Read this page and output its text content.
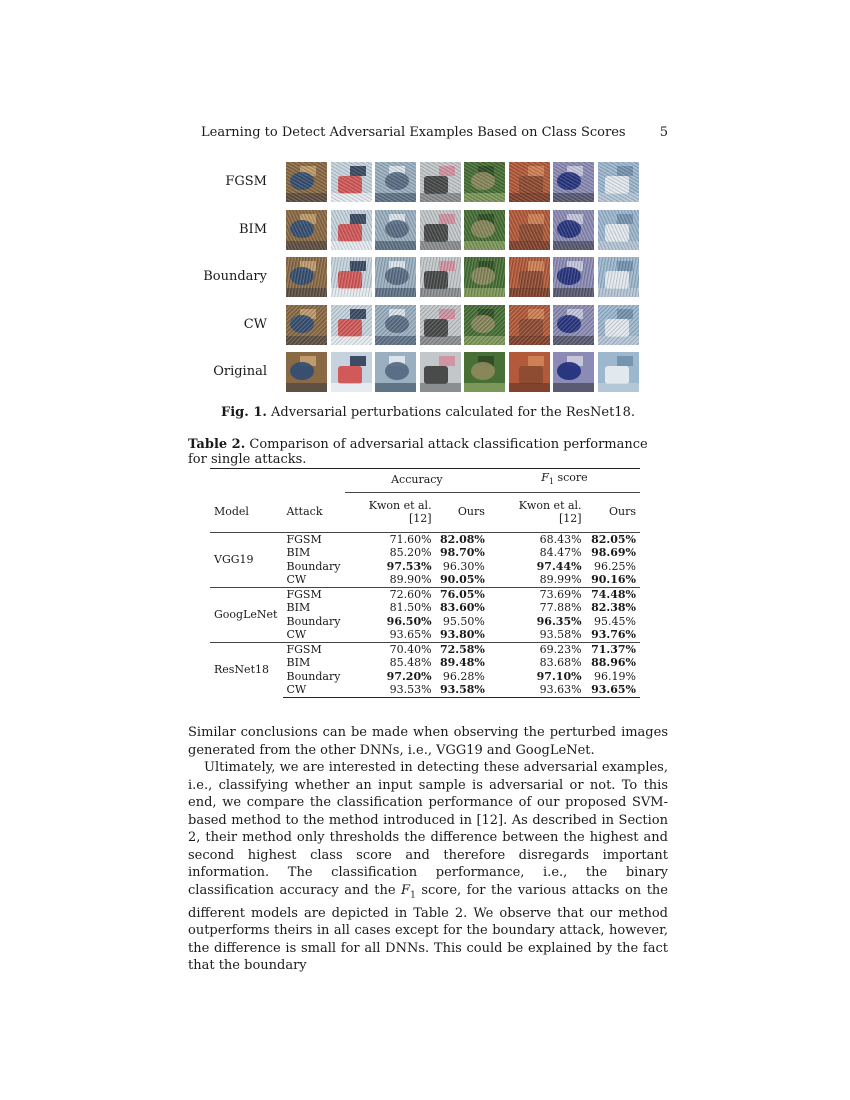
Learning to Detect Adversarial Examples Based on Class Scores	5
FGSM
BIM
Boundary
CW
Original
Fig. 1. Adversarial perturbations calculated for the ResNet18.
Table 2. Comparison of adversarial attack classification performance for single attacks.
		Accuracy		$F_1$ score	
Model	Attack	Kwon et al. [12]	Ours	Kwon et al. [12]	Ours
VGG19	FGSM	71.60%	82.08%	68.43%	82.05%
	BIM	85.20%	98.70%	84.47%	98.69%
	Boundary	97.53%	96.30%	97.44%	96.25%
	CW	89.90%	90.05%	89.99%	90.16%
GoogLeNet	FGSM	72.60%	76.05%	73.69%	74.48%
	BIM	81.50%	83.60%	77.88%	82.38%
	Boundary	96.50%	95.50%	96.35%	95.45%
	CW	93.65%	93.80%	93.58%	93.76%
ResNet18	FGSM	70.40%	72.58%	69.23%	71.37%
	BIM	85.48%	89.48%	83.68%	88.96%
	Boundary	97.20%	96.28%	97.10%	96.19%
	CW	93.53%	93.58%	93.63%	93.65%

Similar conclusions can be made when observing the perturbed images generated from the other DNNs, i.e., VGG19 and GoogLeNet.

Ultimately, we are interested in detecting these adversarial examples, i.e., classifying whether an input sample is adversarial or not. To this end, we compare the classification performance of our proposed SVM-based method to the method introduced in [12]. As described in Section 2, their method only thresholds the difference between the highest and second highest class score and therefore disregards important information. The classification performance, i.e., the binary classification accuracy and the $F_1$ score, for the various attacks on the different models are depicted in Table 2. We observe that our method outperforms theirs in all cases except for the boundary attack, however, the difference is small for all DNNs. This could be explained by the fact that the boundary
